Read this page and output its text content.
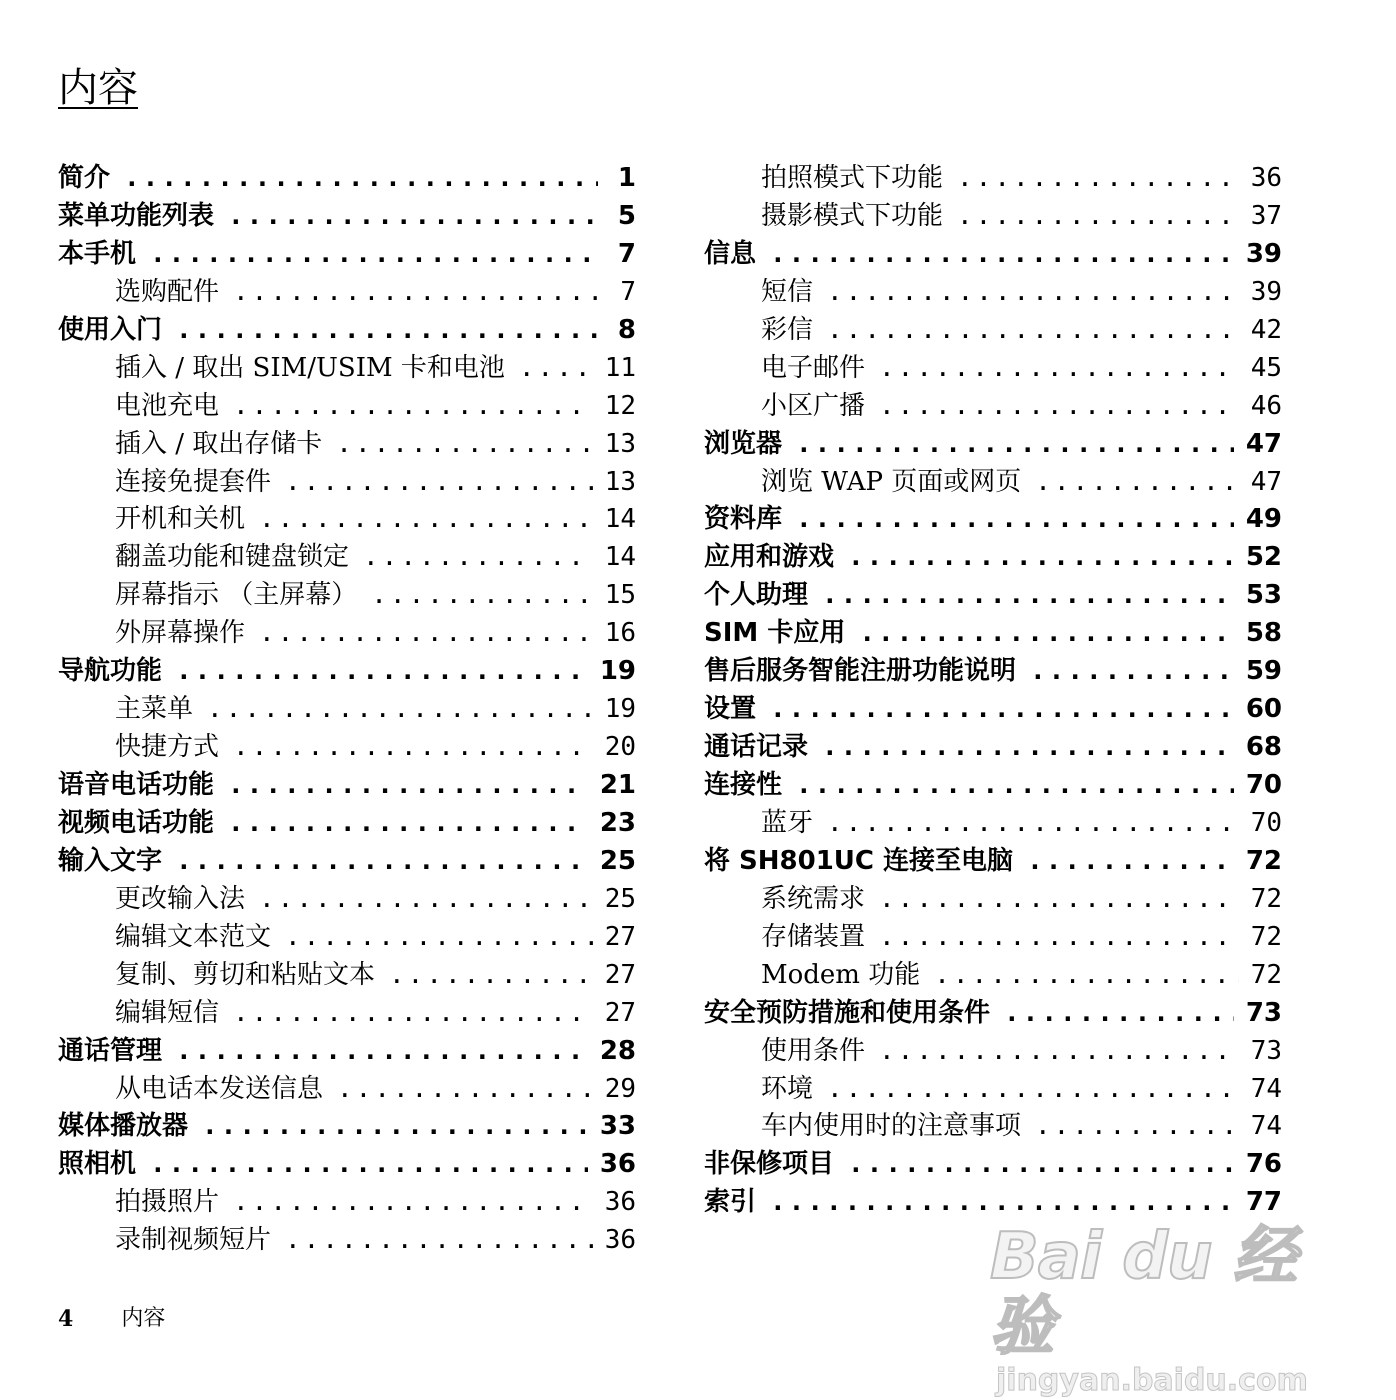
内容
简介 .....	1
菜单功能列表 .....	5
本手机 .....	7
选购配件 .....	7
使用入门 .....	8
插入 / 取出 SIM/USIM 卡和电池 .....	11
电池充电 .....	12
插入 / 取出存储卡 .....	13
连接免提套件 .....	13
开机和关机 .....	14
翻盖功能和键盘锁定 .....	14
屏幕指示 （主屏幕） .....	15
外屏幕操作 .....	16
导航功能 .....	19
主菜单 .....	19
快捷方式 .....	20
语音电话功能 .....	21
视频电话功能 .....	23
输入文字 .....	25
更改输入法 .....	25
编辑文本范文 .....	27
复制、剪切和粘贴文本 .....	27
编辑短信 .....	27
通话管理 .....	28
从电话本发送信息 .....	29
媒体播放器 .....	33
照相机 .....	36
拍摄照片 .....	36
录制视频短片 .....	36
拍照模式下功能 .....	36
摄影模式下功能 .....	37
信息 .....	39
短信 .....	39
彩信 .....	42
电子邮件 .....	45
小区广播 .....	46
浏览器 .....	47
浏览 WAP 页面或网页 .....	47
资料库 .....	49
应用和游戏 .....	52
个人助理 .....	53
SIM 卡应用 .....	58
售后服务智能注册功能说明 .....	59
设置 .....	60
通话记录 .....	68
连接性 .....	70
蓝牙 .....	70
将 SH801UC 连接至电脑 .....	72
系统需求 .....	72
存储装置 .....	72
Modem 功能 .....	72
安全预防措施和使用条件 .....	73
使用条件 .....	73
环境 .....	74
车内使用时的注意事项 .....	74
非保修项目 .....	76
索引 .....	77
4 内容
Bai du 经验
jingyan.baidu.com
